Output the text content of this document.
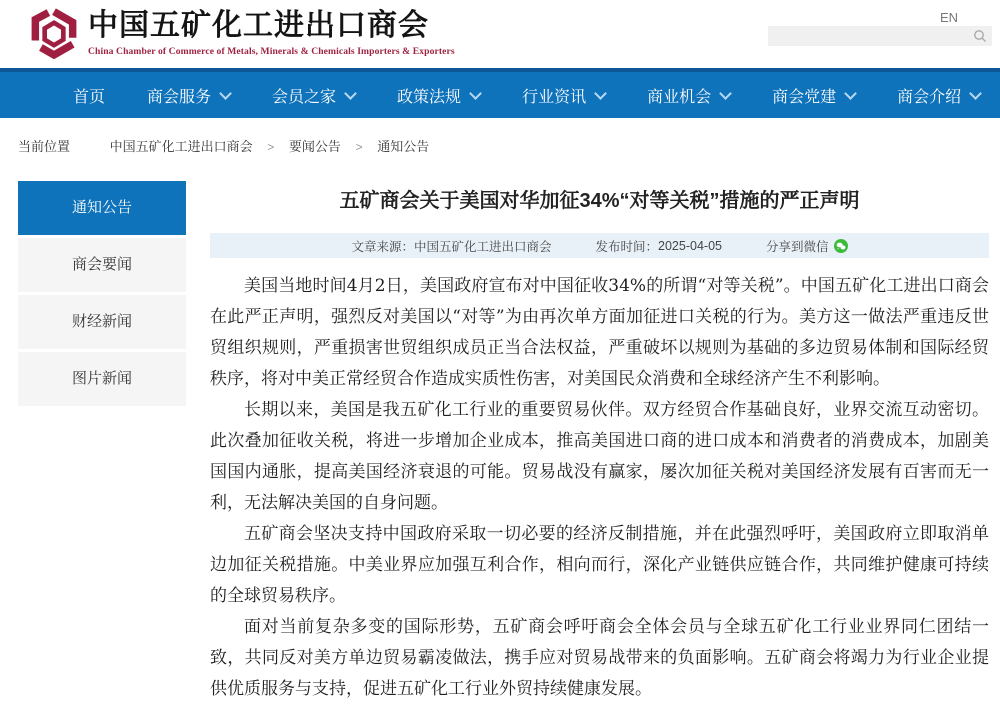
中国五矿化工进出口商会
China Chamber of Commerce of Metals, Minerals & Chemicals Importers & Exporters
EN
首页	商会服务	会员之家	政策法规	行业资讯	商业机会	商会党建	商会介绍
当前位置	中国五矿化工进出口商会 > 要闻公告 > 通知公告
通知公告
商会要闻
财经新闻
图片新闻
五矿商会关于美国对华加征34%“对等关税”措施的严正声明
文章来源： 中国五矿化工进出口商会	发布时间： 2025-04-05	分享到微信

美国当地时间4月2日，美国政府宣布对中国征收34%的所谓“对等关税”。中国五矿化工进出口商会在此严正声明，强烈反对美国以“对等”为由再次单方面加征进口关税的行为。美方这一做法严重违反世贸组织规则，严重损害世贸组织成员正当合法权益，严重破坏以规则为基础的多边贸易体制和国际经贸秩序，将对中美正常经贸合作造成实质性伤害，对美国民众消费和全球经济产生不利影响。

长期以来，美国是我五矿化工行业的重要贸易伙伴。双方经贸合作基础良好，业界交流互动密切。此次叠加征收关税，将进一步增加企业成本，推高美国进口商的进口成本和消费者的消费成本，加剧美国国内通胀，提高美国经济衰退的可能。贸易战没有赢家，屡次加征关税对美国经济发展有百害而无一利，无法解决美国的自身问题。

五矿商会坚决支持中国政府采取一切必要的经济反制措施，并在此强烈呼吁，美国政府立即取消单边加征关税措施。中美业界应加强互利合作，相向而行，深化产业链供应链合作，共同维护健康可持续的全球贸易秩序。

面对当前复杂多变的国际形势，五矿商会呼吁商会全体会员与全球五矿化工行业业界同仁团结一致，共同反对美方单边贸易霸凌做法，携手应对贸易战带来的负面影响。五矿商会将竭力为行业企业提供优质服务与支持，促进五矿化工行业外贸持续健康发展。
